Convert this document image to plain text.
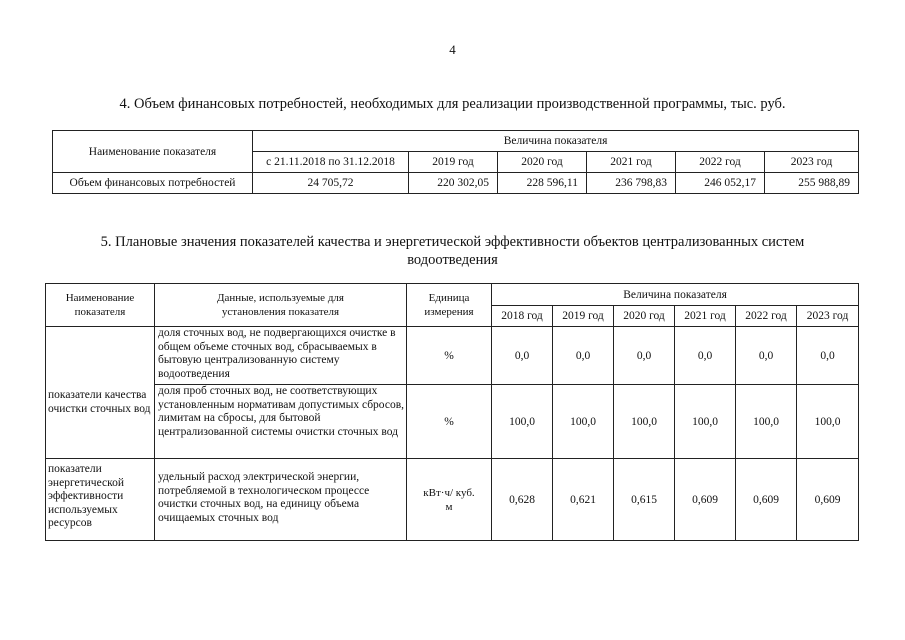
4
4. Объем финансовых потребностей, необходимых для реализации производственной программы, тыс. руб.
Наименование показателя	Величина показателя					
	с 21.11.2018 по 31.12.2018	2019 год	2020 год	2021 год	2022 год	2023 год
Объем финансовых потребностей	24 705,72	220 302,05	228 596,11	236 798,83	246 052,17	255 988,89
5. Плановые значения показателей качества и энергетической эффективности объектов централизованных систем
водоотведения
Наименование показателя	Данные, используемые для установления показателя	Единица измерения	Величина показателя					
			2018 год	2019 год	2020 год	2021 год	2022 год	2023 год
показатели качества очистки сточных вод	доля сточных вод, не подвергающихся очистке в общем объеме сточных вод, сбрасываемых в бытовую централизованную систему водоотведения	%	0,0	0,0	0,0	0,0	0,0	0,0
	доля проб сточных вод, не соответствующих установленным нормативам допустимых сбросов, лимитам на сбросы, для бытовой централизованной системы очистки сточных вод	%	100,0	100,0	100,0	100,0	100,0	100,0
показатели энергетической эффективности используемых ресурсов	удельный расход электрической энергии, потребляемой в технологическом процессе очистки сточных вод, на единицу объема очищаемых сточных вод	кВт·ч/ куб. м	0,628	0,621	0,615	0,609	0,609	0,609
